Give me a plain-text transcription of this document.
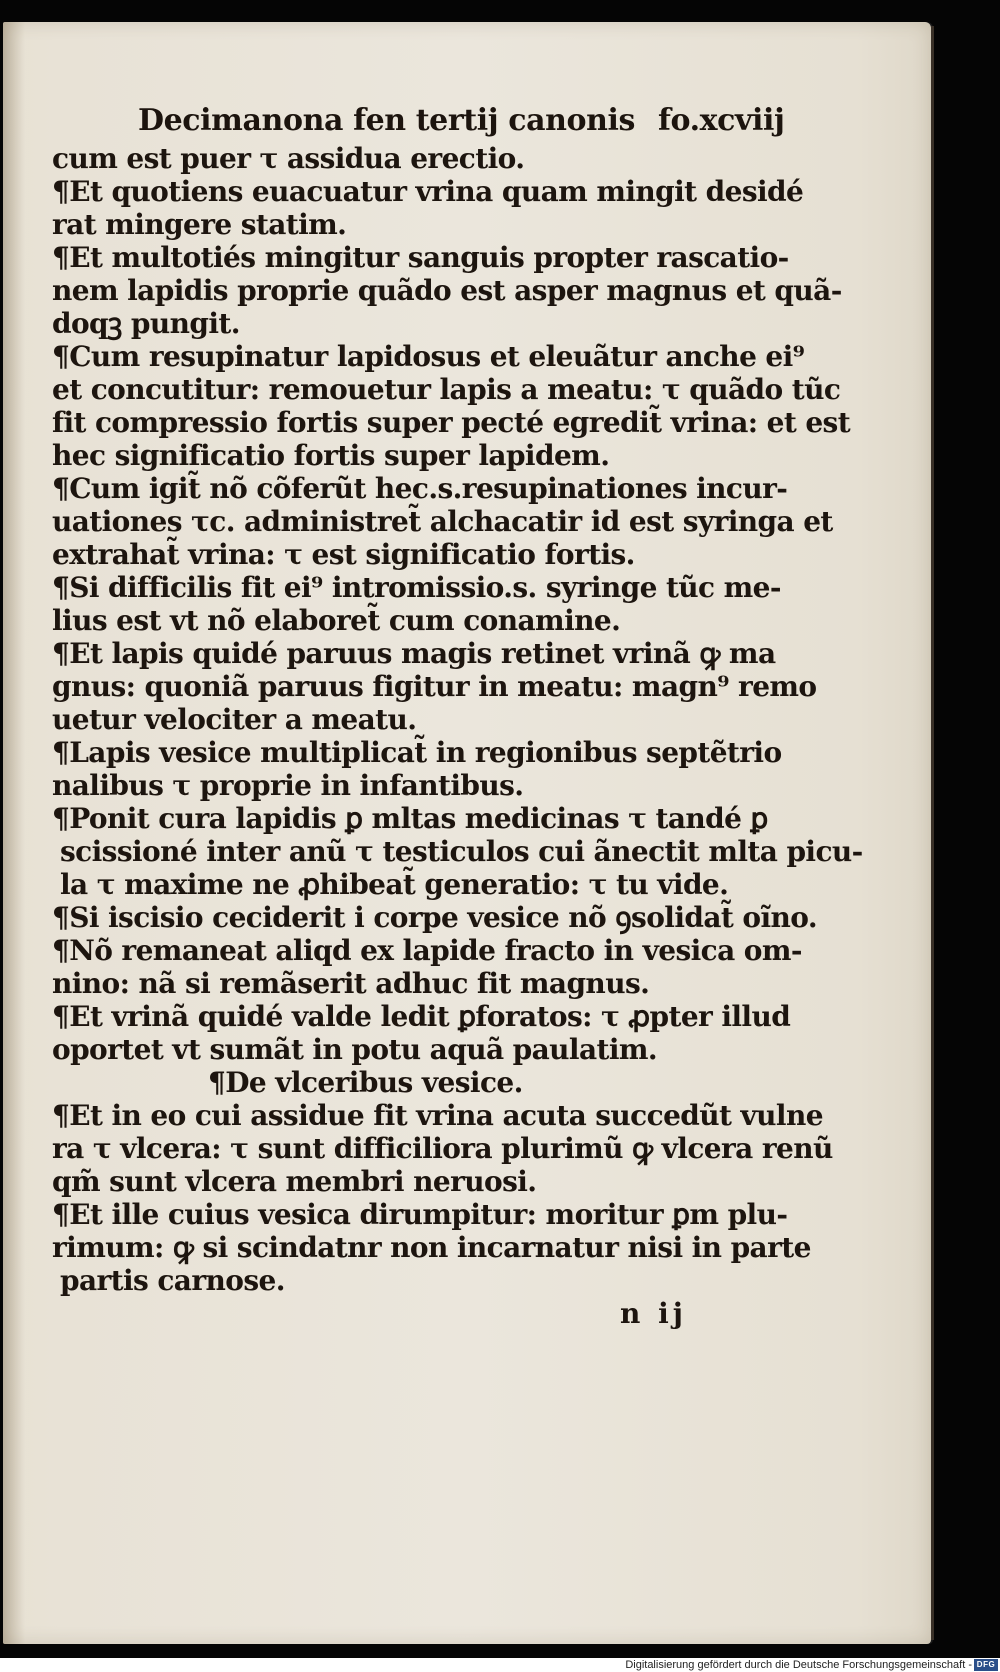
Decimanona fen tertij canonis fo.xcviij
cum est puer τ assidua erectio.
¶Et quotiens euacuatur vrina quam mingit desidé
rat mingere statim.
¶Et multotiés mingitur sanguis propter rascatio-
nem lapidis proprie quãdo est asper magnus et quã-
doqꝫ pungit.
¶Cum resupinatur lapidosus et eleuãtur anche ei⁹
et concutitur: remouetur lapis a meatu: τ quãdo tũc
fit compressio fortis super pecté egredit̃ vrina: et est
hec significatio fortis super lapidem.
¶Cum igit̃ nõ cõferũt hec.s.resupinationes incur-
uationes τc. administret̃ alchacatir id est syringa et
extrahat̃ vrina: τ est significatio fortis.
¶Si difficilis fit ei⁹ intromissio.s. syringe tũc me-
lius est vt nõ elaboret̃ cum conamine.
¶Et lapis quidé paruus magis retinet vrinã ꝙ ma
gnus: quoniã paruus figitur in meatu: magn⁹ remo
uetur velociter a meatu.
¶Lapis vesice multiplicat̃ in regionibus septẽtrio
nalibus τ proprie in infantibus.
¶Ponit cura lapidis ꝑ mltas medicinas τ tandé ꝑ
scissioné inter anũ τ testiculos cui ãnectit mlta picu-
la τ maxime ne ꝓhibeat̃ generatio: τ tu vide.
¶Si iscisio ceciderit i corpe vesice nõ ꝯsolidat̃ oĩno.
¶Nõ remaneat aliqd ex lapide fracto in vesica om-
nino: nã si remãserit adhuc fit magnus.
¶Et vrinã quidé valde ledit ꝑforatos: τ ꝓpter illud
oportet vt sumãt in potu aquã paulatim.
¶De vlceribus vesice.
¶Et in eo cui assidue fit vrina acuta succedũt vulne
ra τ vlcera: τ sunt difficiliora plurimũ ꝙ vlcera renũ
qm̃ sunt vlcera membri neruosi.
¶Et ille cuius vesica dirumpitur: moritur ꝑm plu-
rimum: ꝙ si scindatnr non incarnatur nisi in parte
partis carnose.
n ij
Digitalisierung gefördert durch die Deutsche Forschungsgemeinschaft - DFG
